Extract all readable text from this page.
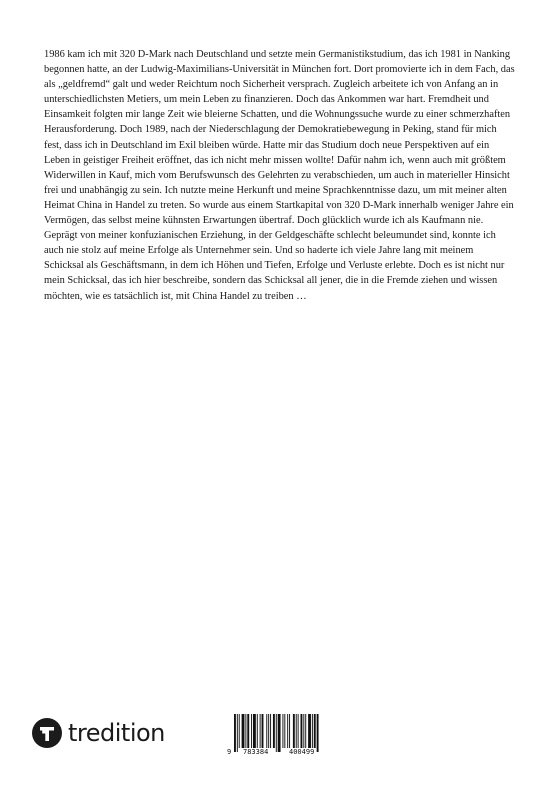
1986 kam ich mit 320 D-Mark nach Deutschland und setzte mein Germanistikstudium, das ich 1981 in Nanking begonnen hatte, an der Ludwig-Maximilians-Universität in München fort. Dort promovierte ich in dem Fach, das als „geldfremd“ galt und weder Reichtum noch Sicherheit versprach. Zugleich arbeitete ich von Anfang an in unterschiedlichsten Metiers, um mein Leben zu finanzieren. Doch das Ankommen war hart. Fremdheit und Einsamkeit folgten mir lange Zeit wie bleierne Schatten, und die Wohnungssuche wurde zu einer schmerzhaften Herausforderung. Doch 1989, nach der Niederschlagung der Demokratiebewegung in Peking, stand für mich fest, dass ich in Deutschland im Exil bleiben würde. Hatte mir das Studium doch neue Perspektiven auf ein Leben in geistiger Freiheit eröffnet, das ich nicht mehr missen wollte! Dafür nahm ich, wenn auch mit größtem Widerwillen in Kauf, mich vom Berufswunsch des Gelehrten zu verabschieden, um auch in materieller Hinsicht frei und unabhängig zu sein. Ich nutzte meine Herkunft und meine Sprachkenntnisse dazu, um mit meiner alten Heimat China in Handel zu treten. So wurde aus einem Startkapital von 320 D-Mark innerhalb weniger Jahre ein Vermögen, das selbst meine kühnsten Erwartungen übertraf. Doch glücklich wurde ich als Kaufmann nie. Geprägt von meiner konfuzianischen Erziehung, in der Geldgeschäfte schlecht beleumundet sind, konnte ich auch nie stolz auf meine Erfolge als Unternehmer sein. Und so haderte ich viele Jahre lang mit meinem Schicksal als Geschäftsmann, in dem ich Höhen und Tiefen, Erfolge und Verluste erlebte. Doch es ist nicht nur mein Schicksal, das ich hier beschreibe, sondern das Schicksal all jener, die in die Fremde ziehen und wissen möchten, wie es tatsächlich ist, mit China Handel zu treiben …

tredition
9 783384	400499
